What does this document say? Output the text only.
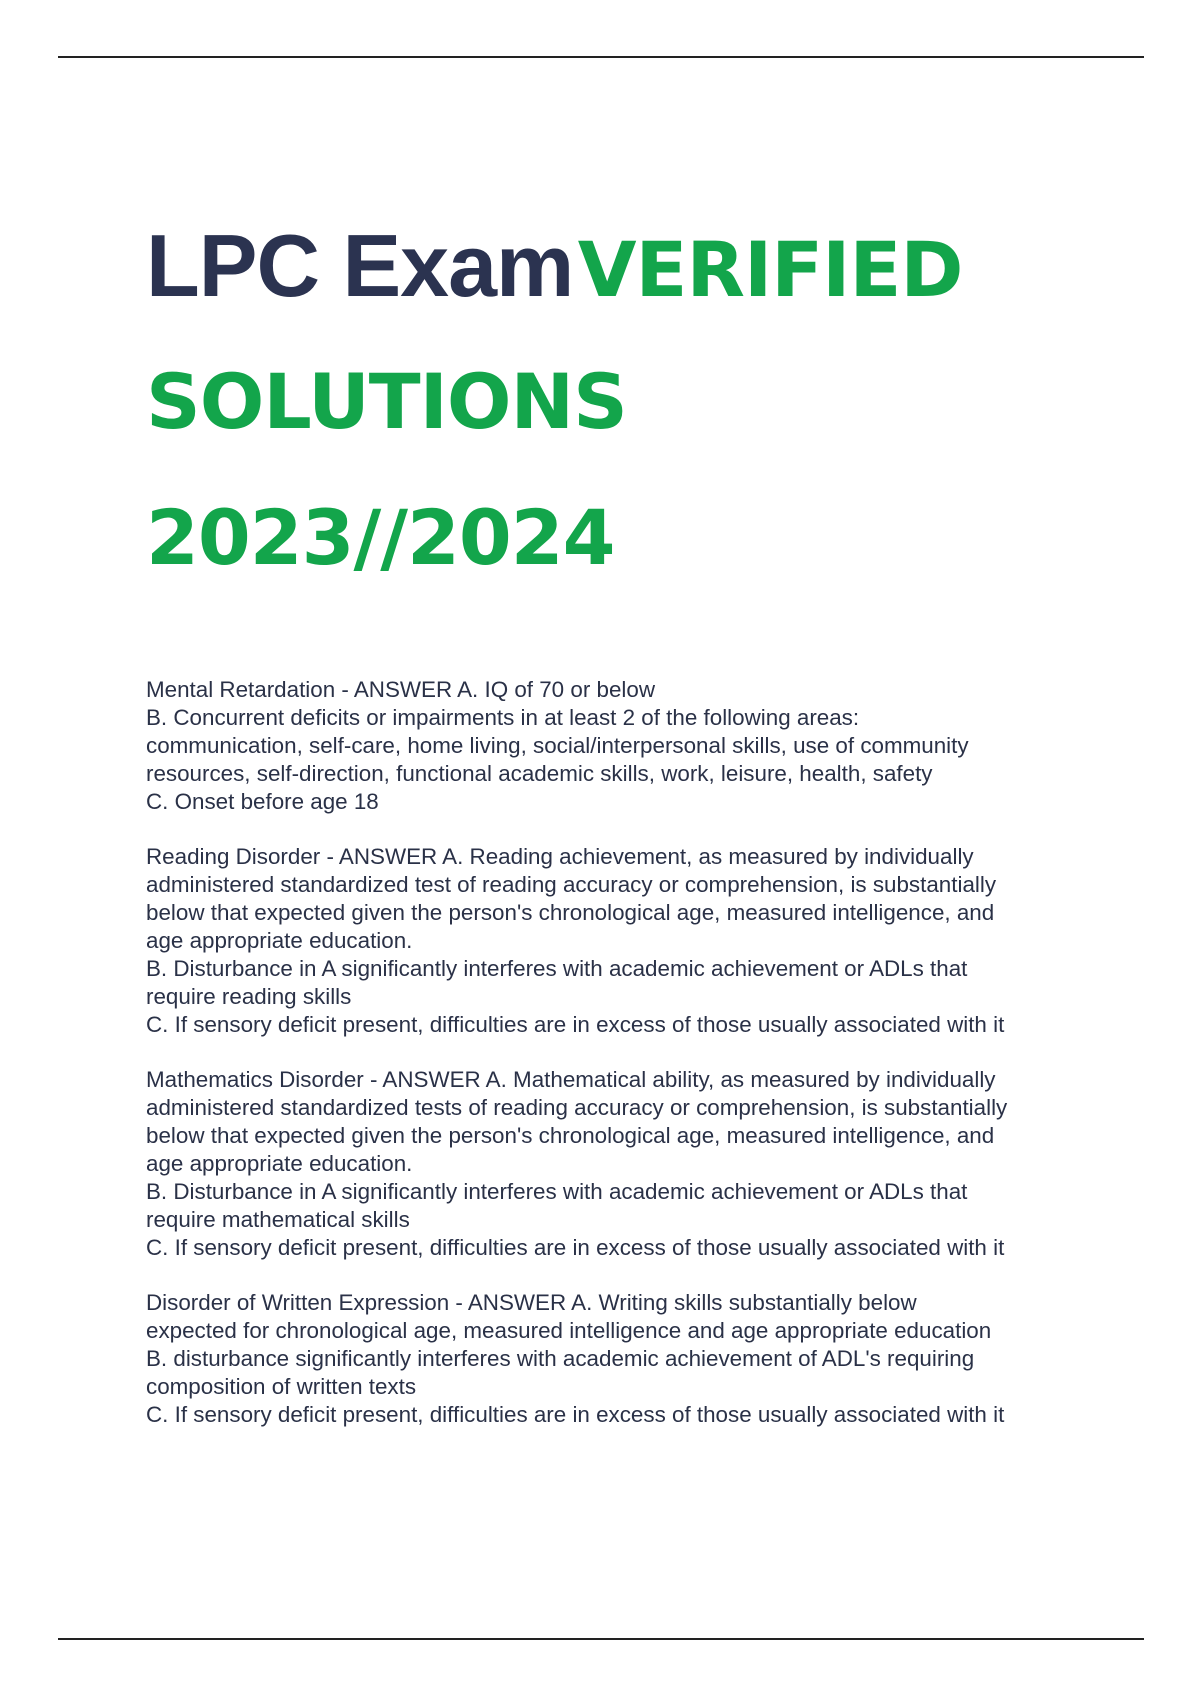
LPC Exam VERIFIED
SOLUTIONS
2023//2024

Mental Retardation - ANSWER A. IQ of 70 or below
B. Concurrent deficits or impairments in at least 2 of the following areas:
communication, self-care, home living, social/interpersonal skills, use of community
resources, self-direction, functional academic skills, work, leisure, health, safety
C. Onset before age 18

Reading Disorder - ANSWER A. Reading achievement, as measured by individually
administered standardized test of reading accuracy or comprehension, is substantially
below that expected given the person's chronological age, measured intelligence, and
age appropriate education.
B. Disturbance in A significantly interferes with academic achievement or ADLs that
require reading skills
C. If sensory deficit present, difficulties are in excess of those usually associated with it

Mathematics Disorder - ANSWER A. Mathematical ability, as measured by individually
administered standardized tests of reading accuracy or comprehension, is substantially
below that expected given the person's chronological age, measured intelligence, and
age appropriate education.
B. Disturbance in A significantly interferes with academic achievement or ADLs that
require mathematical skills
C. If sensory deficit present, difficulties are in excess of those usually associated with it

Disorder of Written Expression - ANSWER A. Writing skills substantially below
expected for chronological age, measured intelligence and age appropriate education
B. disturbance significantly interferes with academic achievement of ADL's requiring
composition of written texts
C. If sensory deficit present, difficulties are in excess of those usually associated with it
